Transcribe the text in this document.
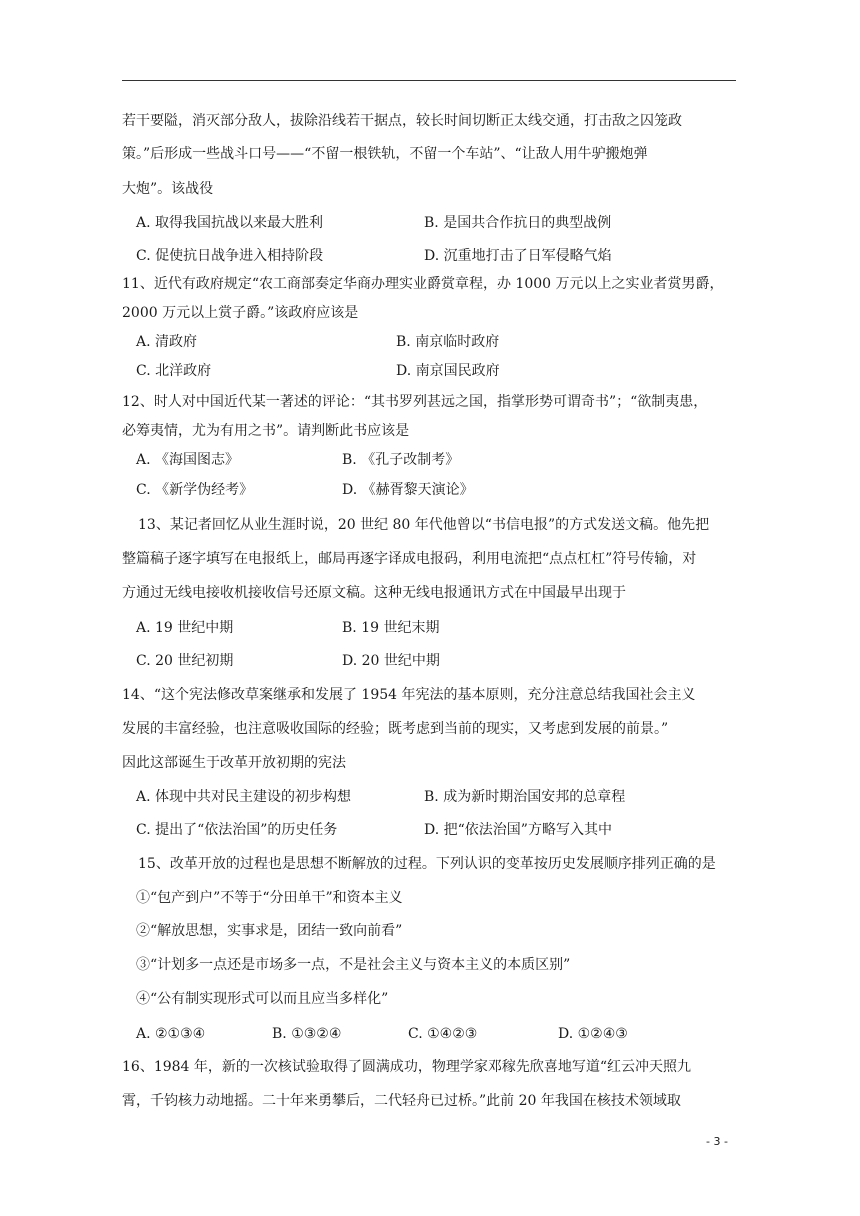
若干要隘，消灭部分敌人，拔除沿线若干据点，较长时间切断正太线交通，打击敌之囚笼政
策。”后形成一些战斗口号——“不留一根铁轨，不留一个车站”、“让敌人用牛驴搬炮弹
大炮”。该战役
A. 取得我国抗战以来最大胜利	B. 是国共合作抗日的典型战例
C. 促使抗日战争进入相持阶段	D. 沉重地打击了日军侵略气焰
11、近代有政府规定“农工商部奏定华商办理实业爵赏章程，办 1000 万元以上之实业者赏男爵，
2000 万元以上赏子爵。”该政府应该是
A. 清政府	B. 南京临时政府
C. 北洋政府	D. 南京国民政府
12、时人对中国近代某一著述的评论：“其书罗列甚远之国，指掌形势可谓奇书”；“欲制夷患，
必筹夷情，尤为有用之书”。请判断此书应该是
A. 《海国图志》	B. 《孔子改制考》
C. 《新学伪经考》	D. 《赫胥黎天演论》
13、某记者回忆从业生涯时说，20 世纪 80 年代他曾以“书信电报”的方式发送文稿。他先把
整篇稿子逐字填写在电报纸上，邮局再逐字译成电报码，利用电流把“点点杠杠”符号传输，对
方通过无线电接收机接收信号还原文稿。这种无线电报通讯方式在中国最早出现于
A. 19 世纪中期	B. 19 世纪末期
C. 20 世纪初期	D. 20 世纪中期
14、“这个宪法修改草案继承和发展了 1954 年宪法的基本原则，充分注意总结我国社会主义
发展的丰富经验，也注意吸收国际的经验；既考虑到当前的现实，又考虑到发展的前景。”
因此这部诞生于改革开放初期的宪法
A. 体现中共对民主建设的初步构想	B. 成为新时期治国安邦的总章程
C. 提出了“依法治国”的历史任务	D. 把“依法治国”方略写入其中
15、改革开放的过程也是思想不断解放的过程。下列认识的变革按历史发展顺序排列正确的是
①“包产到户”不等于“分田单干”和资本主义
②“解放思想，实事求是，团结一致向前看”
③“计划多一点还是市场多一点，不是社会主义与资本主义的本质区别”
④“公有制实现形式可以而且应当多样化”
A. ②①③④	B. ①③②④	C. ①④②③	D. ①②④③
16、1984 年，新的一次核试验取得了圆满成功，物理学家邓稼先欣喜地写道“红云冲天照九
霄，千钧核力动地摇。二十年来勇攀后，二代轻舟已过桥。”此前 20 年我国在核技术领域取
- 3 -
